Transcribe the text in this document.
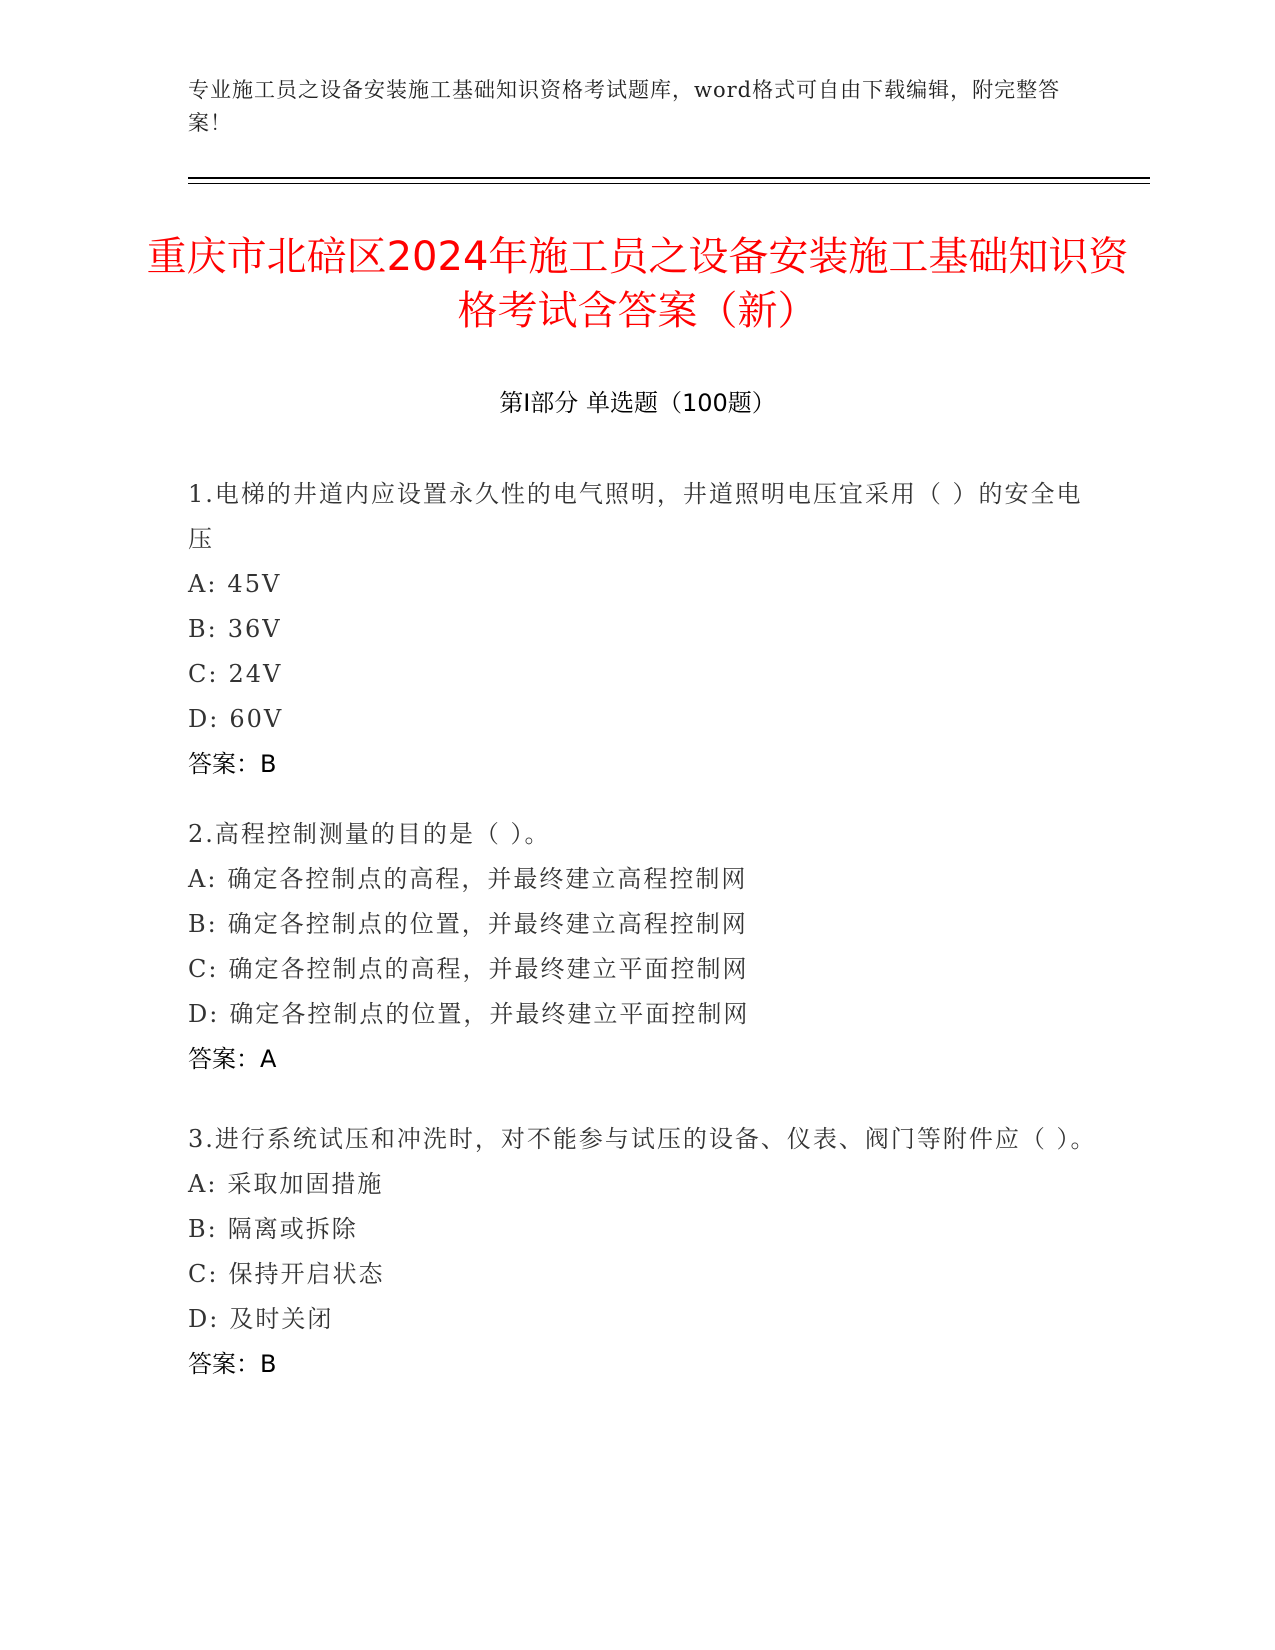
专业施工员之设备安装施工基础知识资格考试题库，word格式可自由下载编辑，附完整答案！
重庆市北碚区2024年施工员之设备安装施工基础知识资格考试含答案（新）
第Ⅰ部分 单选题（100题）

1.电梯的井道内应设置永久性的电气照明，井道照明电压宜采用（ ）的安全电压

A: 45V

B: 36V

C: 24V

D: 60V

答案：B

2.高程控制测量的目的是（ ）。

A: 确定各控制点的高程，并最终建立高程控制网

B: 确定各控制点的位置，并最终建立高程控制网

C: 确定各控制点的高程，并最终建立平面控制网

D: 确定各控制点的位置，并最终建立平面控制网

答案：A

3.进行系统试压和冲洗时，对不能参与试压的设备、仪表、阀门等附件应（ ）。

A: 采取加固措施

B: 隔离或拆除

C: 保持开启状态

D: 及时关闭

答案：B
